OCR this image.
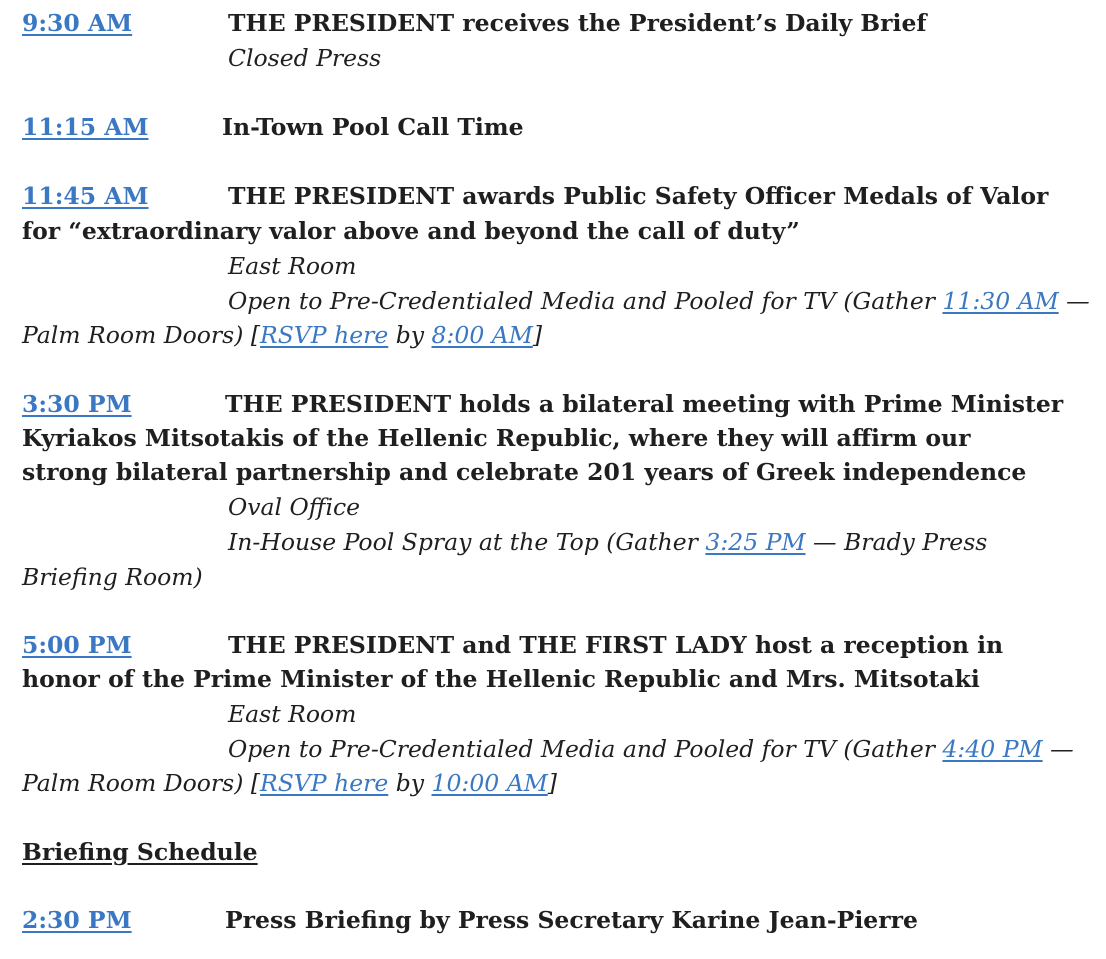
9:30 AM	THE PRESIDENT receives the President’s Daily Brief
Closed Press
11:15 AM	In-Town Pool Call Time
11:45 AM	THE PRESIDENT awards Public Safety Officer Medals of Valor
for “extraordinary valor above and beyond the call of duty”
East Room
Open to Pre-Credentialed Media and Pooled for TV (Gather 11:30 AM —
Palm Room Doors) [RSVP here by 8:00 AM]
3:30 PM	THE PRESIDENT holds a bilateral meeting with Prime Minister
Kyriakos Mitsotakis of the Hellenic Republic, where they will affirm our
strong bilateral partnership and celebrate 201 years of Greek independence
Oval Office
In-House Pool Spray at the Top (Gather 3:25 PM — Brady Press
Briefing Room)
5:00 PM	THE PRESIDENT and THE FIRST LADY host a reception in
honor of the Prime Minister of the Hellenic Republic and Mrs. Mitsotaki
East Room
Open to Pre-Credentialed Media and Pooled for TV (Gather 4:40 PM —
Palm Room Doors) [RSVP here by 10:00 AM]
Briefing Schedule
2:30 PM	Press Briefing by Press Secretary Karine Jean-Pierre
